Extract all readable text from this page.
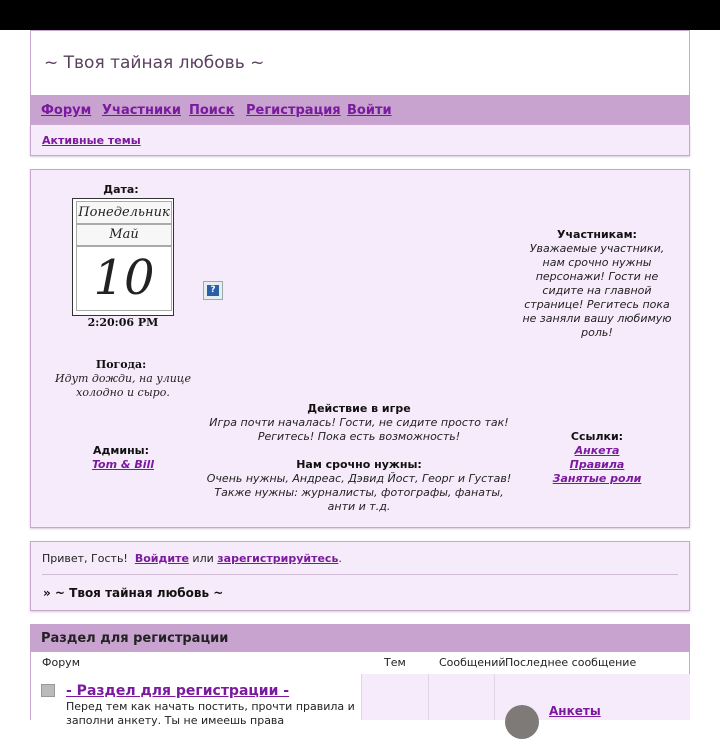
~ Твоя тайная любовь ~
Форум Участники Поиск Регистрация Войти
Активные темы
Дата:
Понедельник
Май
10
2:20:06 PM
?
Погода:
Идут дожди, на улице
холодно и сыро.
Админы:
Tom & Bill
Действие в игре
Игра почти началась! Гости, не сидите просто так!
Регитесь! Пока есть возможность!
Нам срочно нужны:
Очень нужны, Андреас, Дэвид Йост, Георг и Густав!
Также нужны: журналисты, фотографы, фанаты,
анти и т.д.
Участникам:
Уважаемые участники,
нам срочно нужны
персонажи! Гости не
сидите на главной
странице! Регитесь пока
не заняли вашу любимую
роль!
Ссылки:
Анкета
Правила
Занятые роли
Привет, Гость! Войдите или зарегистрируйтесь.
» ~ Твоя тайная любовь ~
Раздел для регистрации
Форум	Тем	Сообщений Последнее сообщение
- Раздел для регистрации -
Перед тем как начать постить, прочти правила и заполни анкету. Ты не имеешь права
Анкеты
